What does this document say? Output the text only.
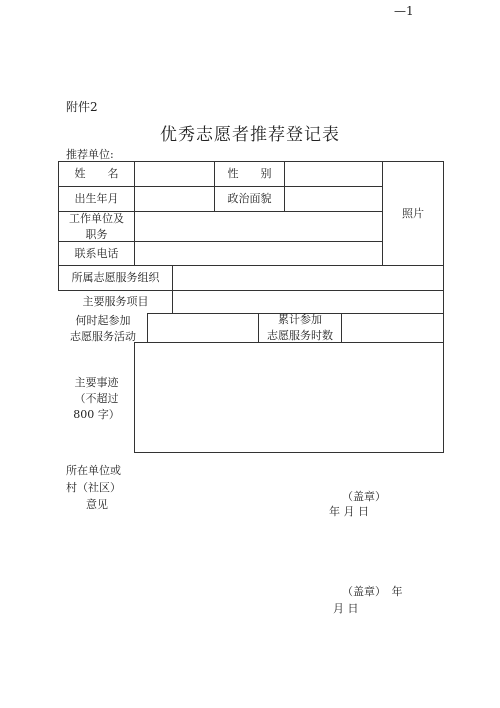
—1
附件2
优秀志愿者推荐登记表
推荐单位:
姓　　名	性　　别
出生年月	政治面貌
照片
工作单位及
职务
联系电话
所属志愿服务组织
主要服务项目
何时起参加
志愿服务活动
累计参加
志愿服务时数
主要事迹
（不超过
800 字）
所在单位或
村（社区）
意见
（盖章）
年 月 日
（盖章）　年
月 日
